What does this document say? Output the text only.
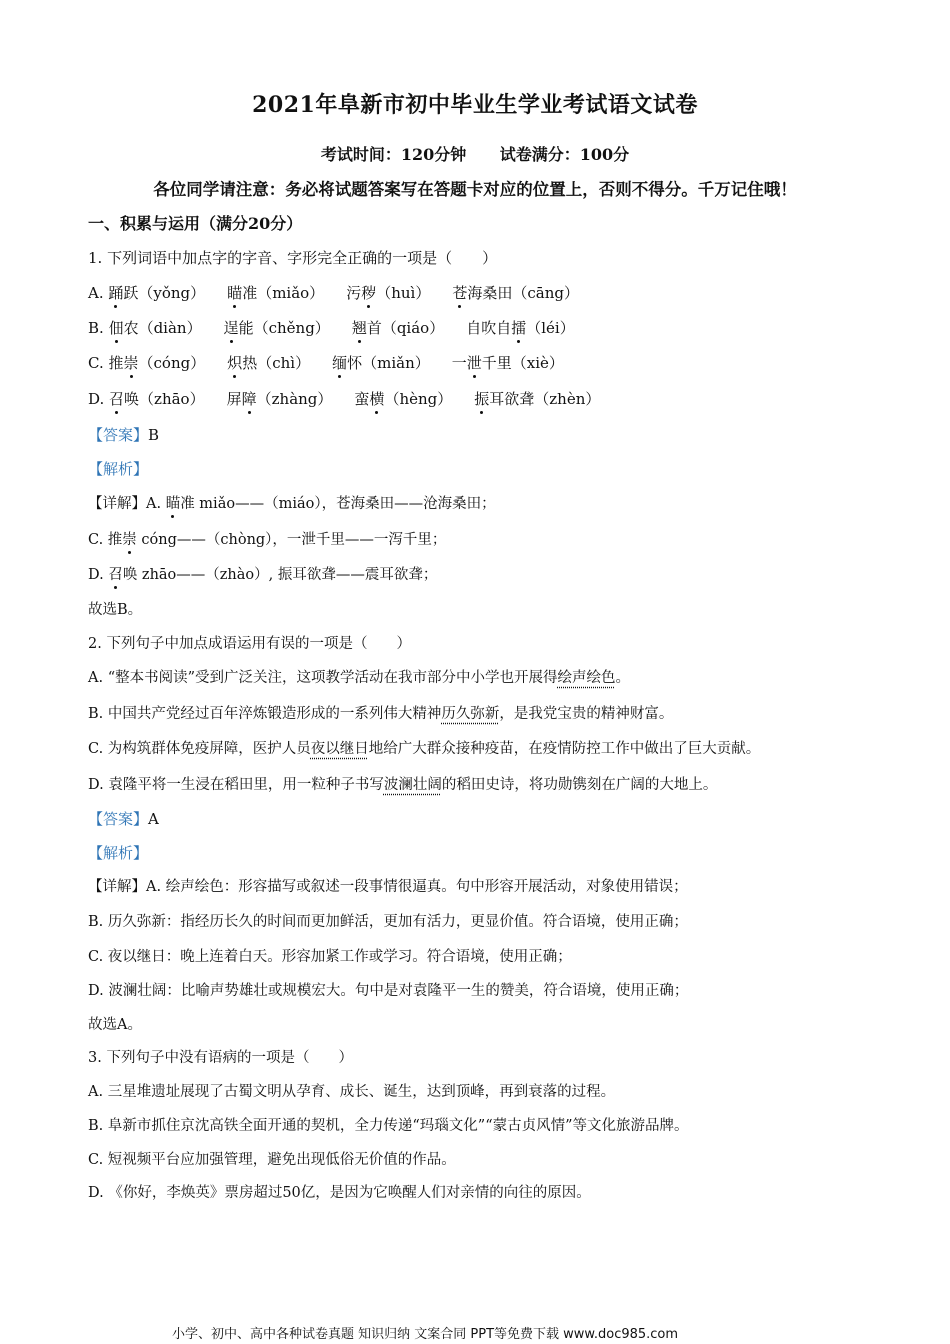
2021年阜新市初中毕业生学业考试语文试卷
考试时间：120分钟      试卷满分：100分
各位同学请注意：务必将试题答案写在答题卡对应的位置上，否则不得分。千万记住哦！
一、积累与运用（满分20分）
1. 下列词语中加点字的字音、字形完全正确的一项是（　　）
A. 踊跃（yǒng） 瞄准（miǎo） 污秽（huì） 苍海桑田（cāng）
B. 佃农（diàn） 逞能（chěng） 翘首（qiáo） 自吹自擂（léi）
C. 推崇（cóng） 炽热（chì） 缅怀（miǎn） 一泄千里（xiè）
D. 召唤（zhāo） 屏障（zhàng） 蛮横（hèng） 振耳欲聋（zhèn）
【答案】B
【解析】
【详解】A. 瞄准 miǎo——（miáo），苍海桑田——沧海桑田；
C. 推崇 cóng——（chòng），一泄千里——一泻千里；
D. 召唤 zhāo——（zhào）, 振耳欲聋——震耳欲聋；
故选B。
2. 下列句子中加点成语运用有误的一项是（　　）
A. “整本书阅读”受到广泛关注，这项教学活动在我市部分中小学也开展得绘声绘色。
B. 中国共产党经过百年淬炼锻造形成的一系列伟大精神历久弥新，是我党宝贵的精神财富。
C. 为构筑群体免疫屏障，医护人员夜以继日地给广大群众接种疫苗，在疫情防控工作中做出了巨大贡献。
D. 袁隆平将一生浸在稻田里，用一粒种子书写波澜壮阔的稻田史诗，将功勋镌刻在广阔的大地上。
【答案】A
【解析】
【详解】A. 绘声绘色：形容描写或叙述一段事情很逼真。句中形容开展活动，对象使用错误；
B. 历久弥新：指经历长久的时间而更加鲜活，更加有活力，更显价值。符合语境，使用正确；
C. 夜以继日：晚上连着白天。形容加紧工作或学习。符合语境，使用正确；
D. 波澜壮阔：比喻声势雄壮或规模宏大。句中是对袁隆平一生的赞美，符合语境，使用正确；
故选A。
3. 下列句子中没有语病的一项是（　　）
A. 三星堆遗址展现了古蜀文明从孕育、成长、诞生，达到顶峰，再到衰落的过程。
B. 阜新市抓住京沈高铁全面开通的契机，全力传递“玛瑙文化”“蒙古贞风情”等文化旅游品牌。
C. 短视频平台应加强管理，避免出现低俗无价值的作品。
D. 《你好，李焕英》票房超过50亿，是因为它唤醒人们对亲情的向往的原因。
小学、初中、高中各种试卷真题 知识归纳 文案合同 PPT等免费下载 www.doc985.com
